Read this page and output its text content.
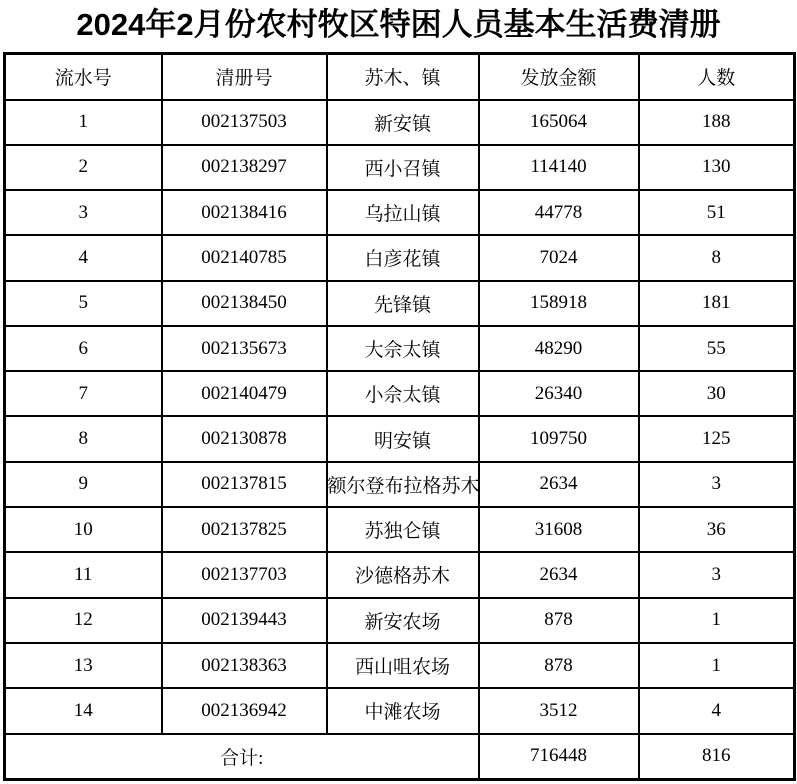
2024年2月份农村牧区特困人员基本生活费清册
流水号	清册号	苏木、镇	发放金额	人数
1	002137503	新安镇	165064	188
2	002138297	西小召镇	114140	130
3	002138416	乌拉山镇	44778	51
4	002140785	白彦花镇	7024	8
5	002138450	先锋镇	158918	181
6	002135673	大佘太镇	48290	55
7	002140479	小佘太镇	26340	30
8	002130878	明安镇	109750	125
9	002137815	额尔登布拉格苏木	2634	3
10	002137825	苏独仑镇	31608	36
11	002137703	沙德格苏木	2634	3
12	002139443	新安农场	878	1
13	002138363	西山咀农场	878	1
14	002136942	中滩农场	3512	4
合计:			716448	816
